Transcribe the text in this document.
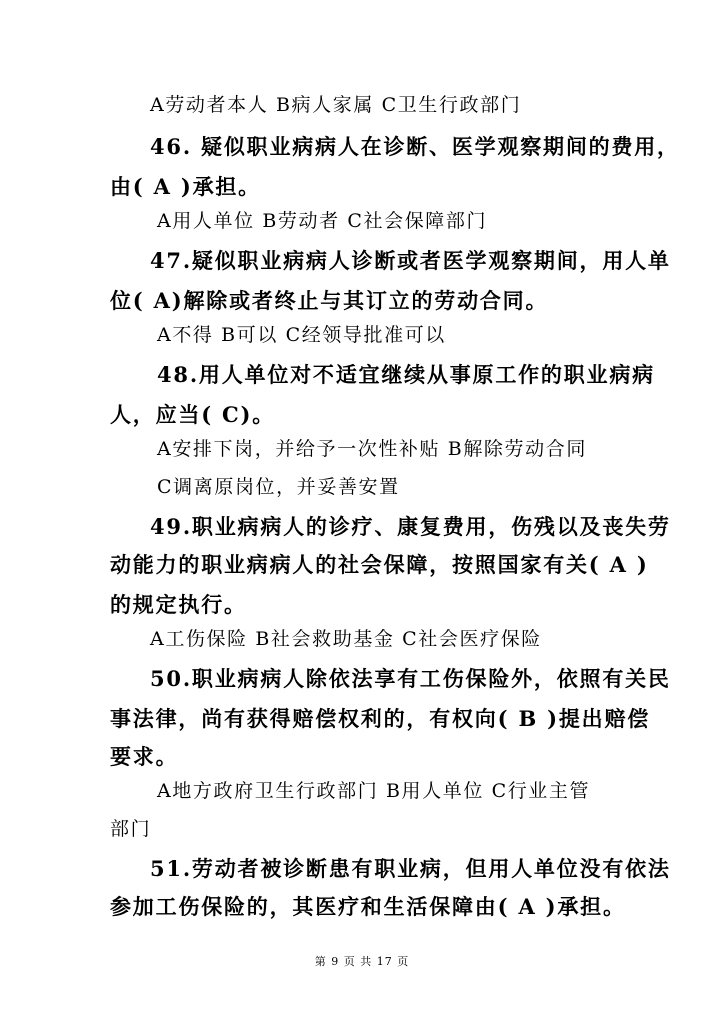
A劳动者本人 B病人家属 C卫生行政部门
46. 疑似职业病病人在诊断、医学观察期间的费用，
由( A )承担。
A用人单位 B劳动者 C社会保障部门
47.疑似职业病病人诊断或者医学观察期间，用人单
位( A)解除或者终止与其订立的劳动合同。
A不得 B可以 C经领导批准可以
48.用人单位对不适宜继续从事原工作的职业病病
人，应当( C)。
A安排下岗，并给予一次性补贴 B解除劳动合同
C调离原岗位，并妥善安置
49.职业病病人的诊疗、康复费用，伤残以及丧失劳
动能力的职业病病人的社会保障，按照国家有关( A )
的规定执行。
A工伤保险 B社会救助基金 C社会医疗保险
50.职业病病人除依法享有工伤保险外，依照有关民
事法律，尚有获得赔偿权利的，有权向( B )提出赔偿
要求。
A地方政府卫生行政部门 B用人单位 C行业主管
部门
51.劳动者被诊断患有职业病，但用人单位没有依法
参加工伤保险的，其医疗和生活保障由( A )承担。
第 9 页 共 17 页
